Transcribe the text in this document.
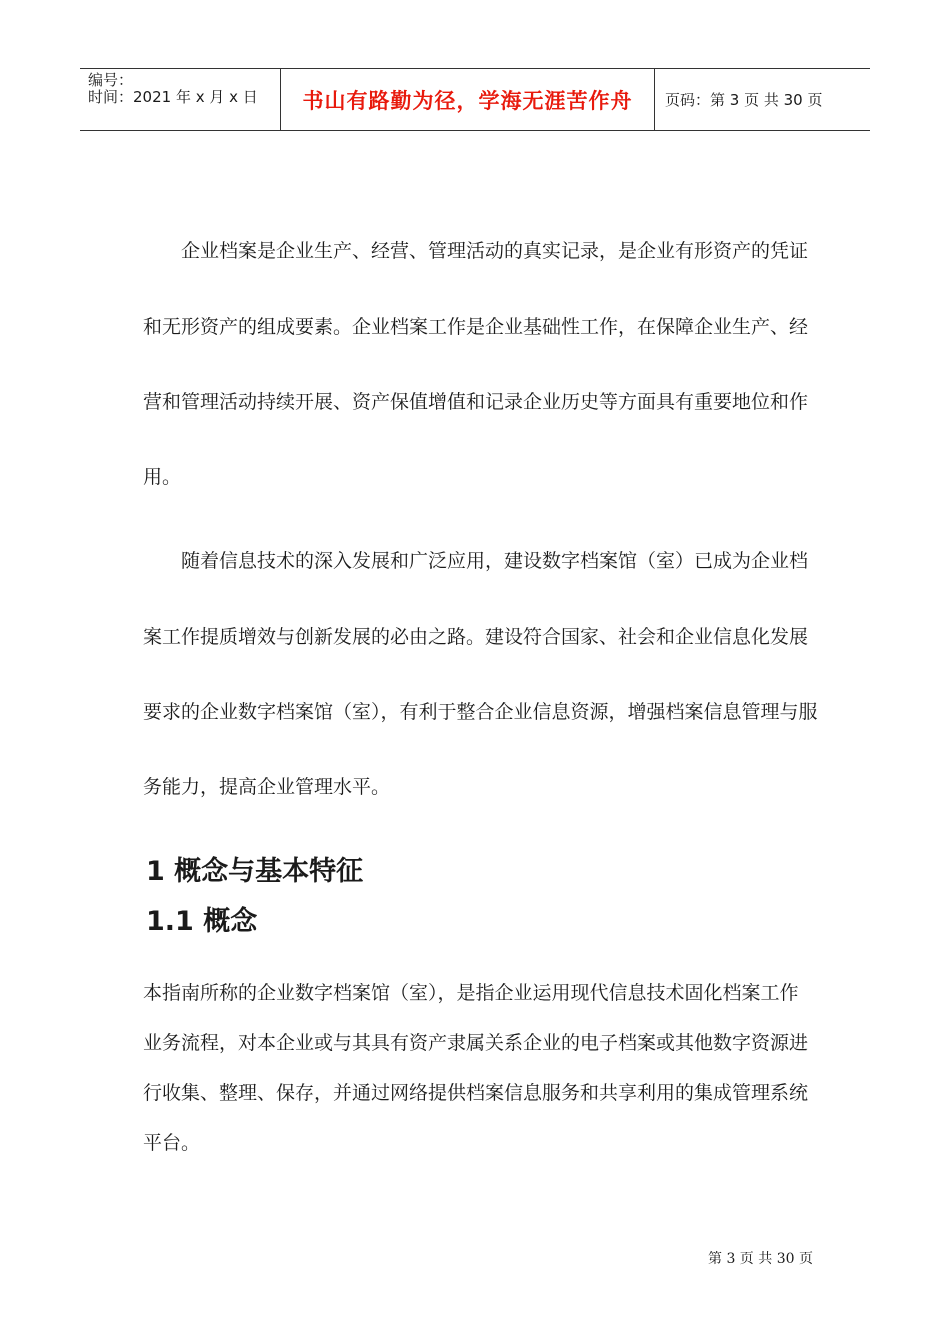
编号：
时间：2021 年 x 月 x 日 书山有路勤为径，学海无涯苦作舟	页码：第 3 页 共 30 页
企业档案是企业生产、经营、管理活动的真实记录，是企业有形资产的凭证
和无形资产的组成要素。企业档案工作是企业基础性工作，在保障企业生产、经
营和管理活动持续开展、资产保值增值和记录企业历史等方面具有重要地位和作
用。
随着信息技术的深入发展和广泛应用，建设数字档案馆（室）已成为企业档
案工作提质增效与创新发展的必由之路。建设符合国家、社会和企业信息化发展
要求的企业数字档案馆（室），有利于整合企业信息资源，增强档案信息管理与服
务能力，提高企业管理水平。
1 概念与基本特征
1.1 概念
本指南所称的企业数字档案馆（室），是指企业运用现代信息技术固化档案工作
业务流程，对本企业或与其具有资产隶属关系企业的电子档案或其他数字资源进
行收集、整理、保存，并通过网络提供档案信息服务和共享利用的集成管理系统
平台。
第 3 页 共 30 页
